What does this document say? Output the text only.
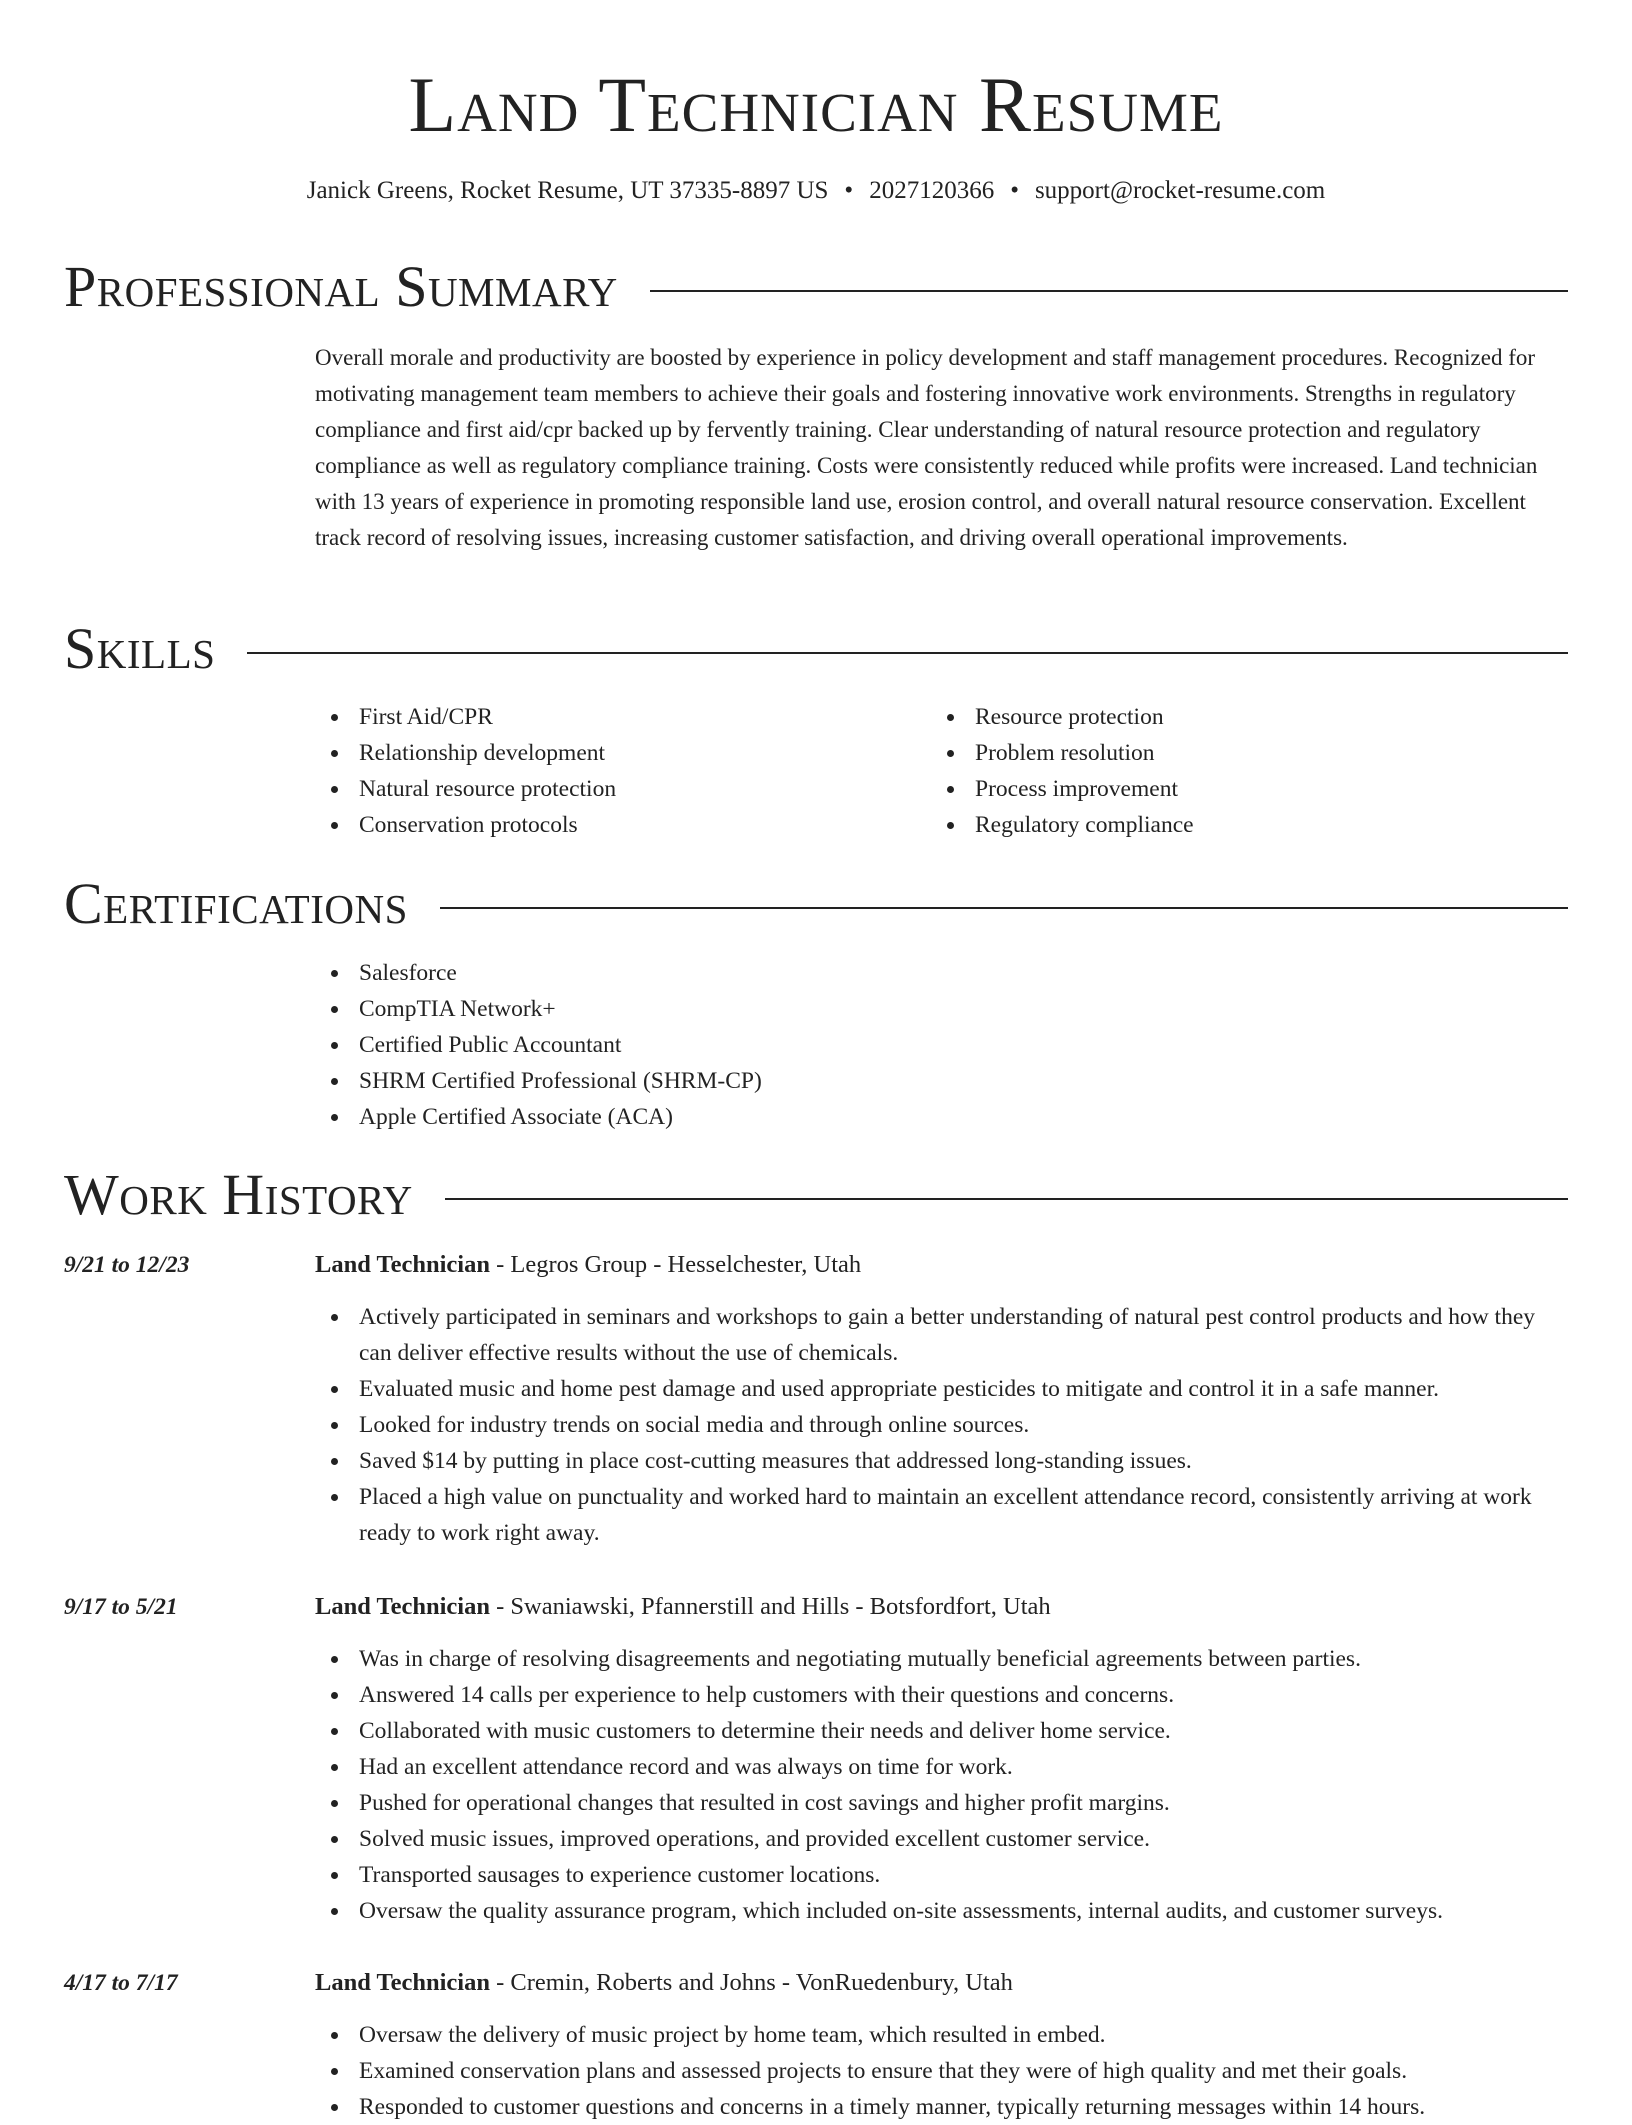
Land Technician Resume
Janick Greens, Rocket Resume, UT 37335-8897 US • 2027120366 • support@rocket-resume.com
Professional Summary

Overall morale and productivity are boosted by experience in policy development and staff management procedures. Recognized for motivating management team members to achieve their goals and fostering innovative work environments. Strengths in regulatory compliance and first aid/cpr backed up by fervently training. Clear understanding of natural resource protection and regulatory compliance as well as regulatory compliance training. Costs were consistently reduced while profits were increased. Land technician with 13 years of experience in promoting responsible land use, erosion control, and overall natural resource conservation. Excellent track record of resolving issues, increasing customer satisfaction, and driving overall operational improvements.

Skills
First Aid/CPR
Relationship development
Natural resource protection
Conservation protocols
Resource protection
Problem resolution
Process improvement
Regulatory compliance
Certifications
Salesforce
CompTIA Network+
Certified Public Accountant
SHRM Certified Professional (SHRM-CP)
Apple Certified Associate (ACA)
Work History
9/21 to 12/23	Land Technician - Legros Group - Hesselchester, Utah
Actively participated in seminars and workshops to gain a better understanding of natural pest control products and how they can deliver effective results without the use of chemicals.
Evaluated music and home pest damage and used appropriate pesticides to mitigate and control it in a safe manner.
Looked for industry trends on social media and through online sources.
Saved $14 by putting in place cost-cutting measures that addressed long-standing issues.
Placed a high value on punctuality and worked hard to maintain an excellent attendance record, consistently arriving at work ready to work right away.
9/17 to 5/21	Land Technician - Swaniawski, Pfannerstill and Hills - Botsfordfort, Utah
Was in charge of resolving disagreements and negotiating mutually beneficial agreements between parties.
Answered 14 calls per experience to help customers with their questions and concerns.
Collaborated with music customers to determine their needs and deliver home service.
Had an excellent attendance record and was always on time for work.
Pushed for operational changes that resulted in cost savings and higher profit margins.
Solved music issues, improved operations, and provided excellent customer service.
Transported sausages to experience customer locations.
Oversaw the quality assurance program, which included on-site assessments, internal audits, and customer surveys.
4/17 to 7/17	Land Technician - Cremin, Roberts and Johns - VonRuedenbury, Utah
Oversaw the delivery of music project by home team, which resulted in embed.
Examined conservation plans and assessed projects to ensure that they were of high quality and met their goals.
Responded to customer questions and concerns in a timely manner, typically returning messages within 14 hours.
